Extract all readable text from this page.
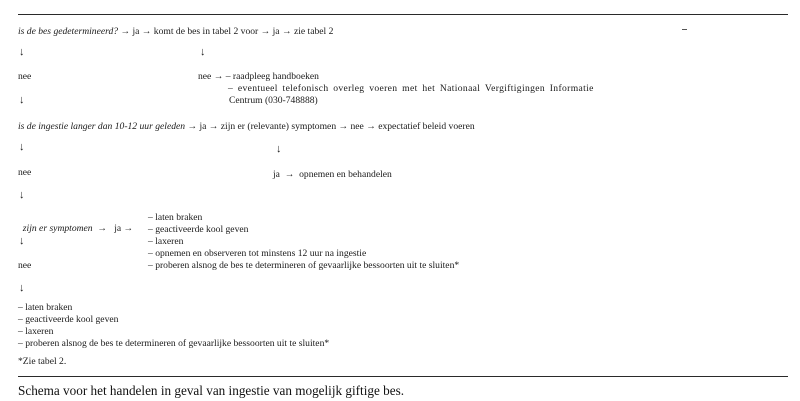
is de bes gedetermineerd? → ja → komt de bes in tabel 2 voor → ja → zie tabel 2
↓	↓
nee	nee → – raadpleeg handboeken
– eventueel telefonisch overleg voeren met het Nationaal Vergiftigingen Informatie
Centrum (030-748888)
↓
is de ingestie langer dan 10-12 uur geleden → ja → zijn er (relevante) symptomen → nee → expectatief beleid voeren
↓	↓
nee	ja  →  opnemen en behandelen
↓

zijn er symptomen  →   ja →

– laten braken
– geactiveerde kool geven
– laxeren
– opnemen en observeren tot minstens 12 uur na ingestie
– proberen alsnog de bes te determineren of gevaarlijke bessoorten uit te sluiten*
↓
nee
↓
– laten braken
– geactiveerde kool geven
– laxeren
– proberen alsnog de bes te determineren of gevaarlijke bessoorten uit te sluiten*
*Zie tabel 2.
Schema voor het handelen in geval van ingestie van mogelijk giftige bes.
